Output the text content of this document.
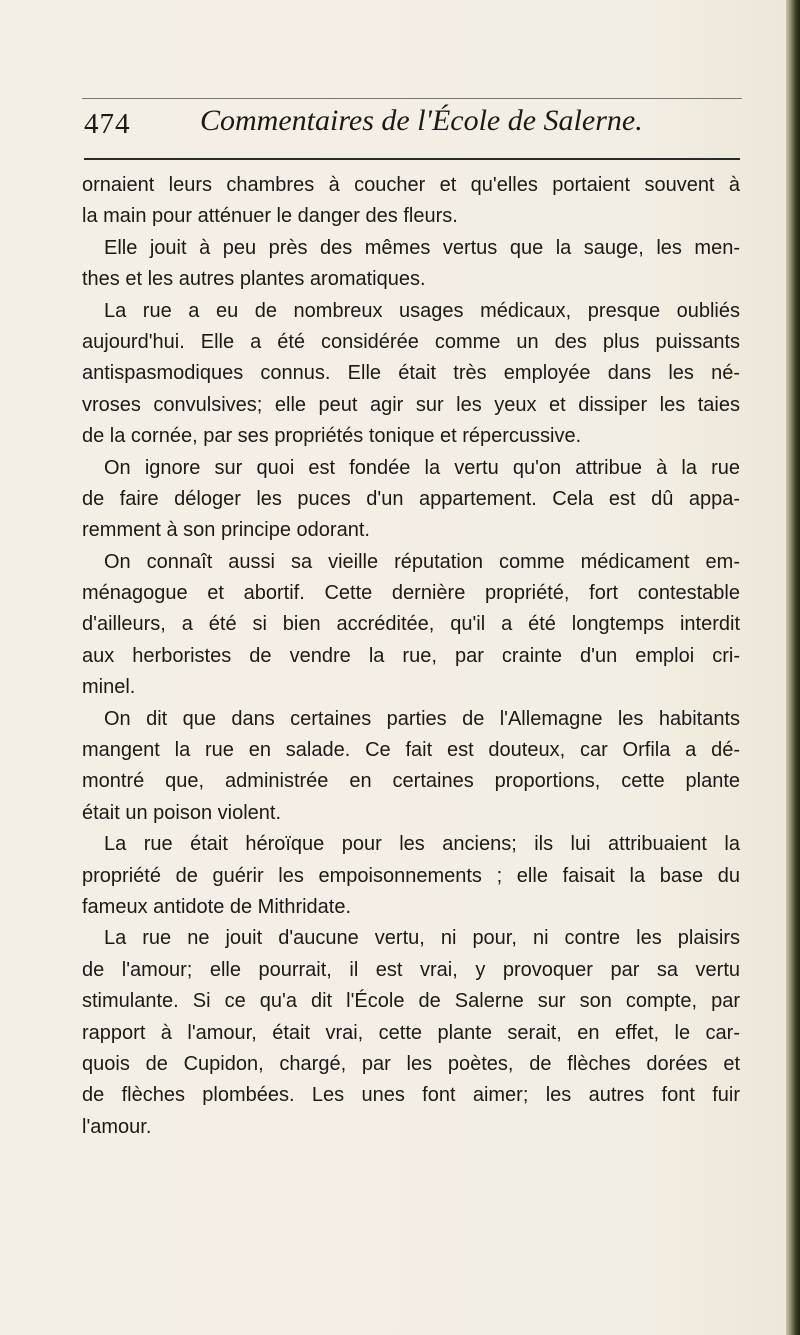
474 Commentaires de l'École de Salerne.
ornaient leurs chambres à coucher et qu'elles portaient souvent à
la main pour atténuer le danger des fleurs.
Elle jouit à peu près des mêmes vertus que la sauge, les men-
thes et les autres plantes aromatiques.
La rue a eu de nombreux usages médicaux, presque oubliés
aujourd'hui. Elle a été considérée comme un des plus puissants
antispasmodiques connus. Elle était très employée dans les né-
vroses convulsives; elle peut agir sur les yeux et dissiper les taies
de la cornée, par ses propriétés tonique et répercussive.
On ignore sur quoi est fondée la vertu qu'on attribue à la rue
de faire déloger les puces d'un appartement. Cela est dû appa-
remment à son principe odorant.
On connaît aussi sa vieille réputation comme médicament em-
ménagogue et abortif. Cette dernière propriété, fort contestable
d'ailleurs, a été si bien accréditée, qu'il a été longtemps interdit
aux herboristes de vendre la rue, par crainte d'un emploi cri-
minel.
On dit que dans certaines parties de l'Allemagne les habitants
mangent la rue en salade. Ce fait est douteux, car Orfila a dé-
montré que, administrée en certaines proportions, cette plante
était un poison violent.
La rue était héroïque pour les anciens; ils lui attribuaient la
propriété de guérir les empoisonnements ; elle faisait la base du
fameux antidote de Mithridate.
La rue ne jouit d'aucune vertu, ni pour, ni contre les plaisirs
de l'amour; elle pourrait, il est vrai, y provoquer par sa vertu
stimulante. Si ce qu'a dit l'École de Salerne sur son compte, par
rapport à l'amour, était vrai, cette plante serait, en effet, le car-
quois de Cupidon, chargé, par les poètes, de flèches dorées et
de flèches plombées. Les unes font aimer; les autres font fuir
l'amour.
